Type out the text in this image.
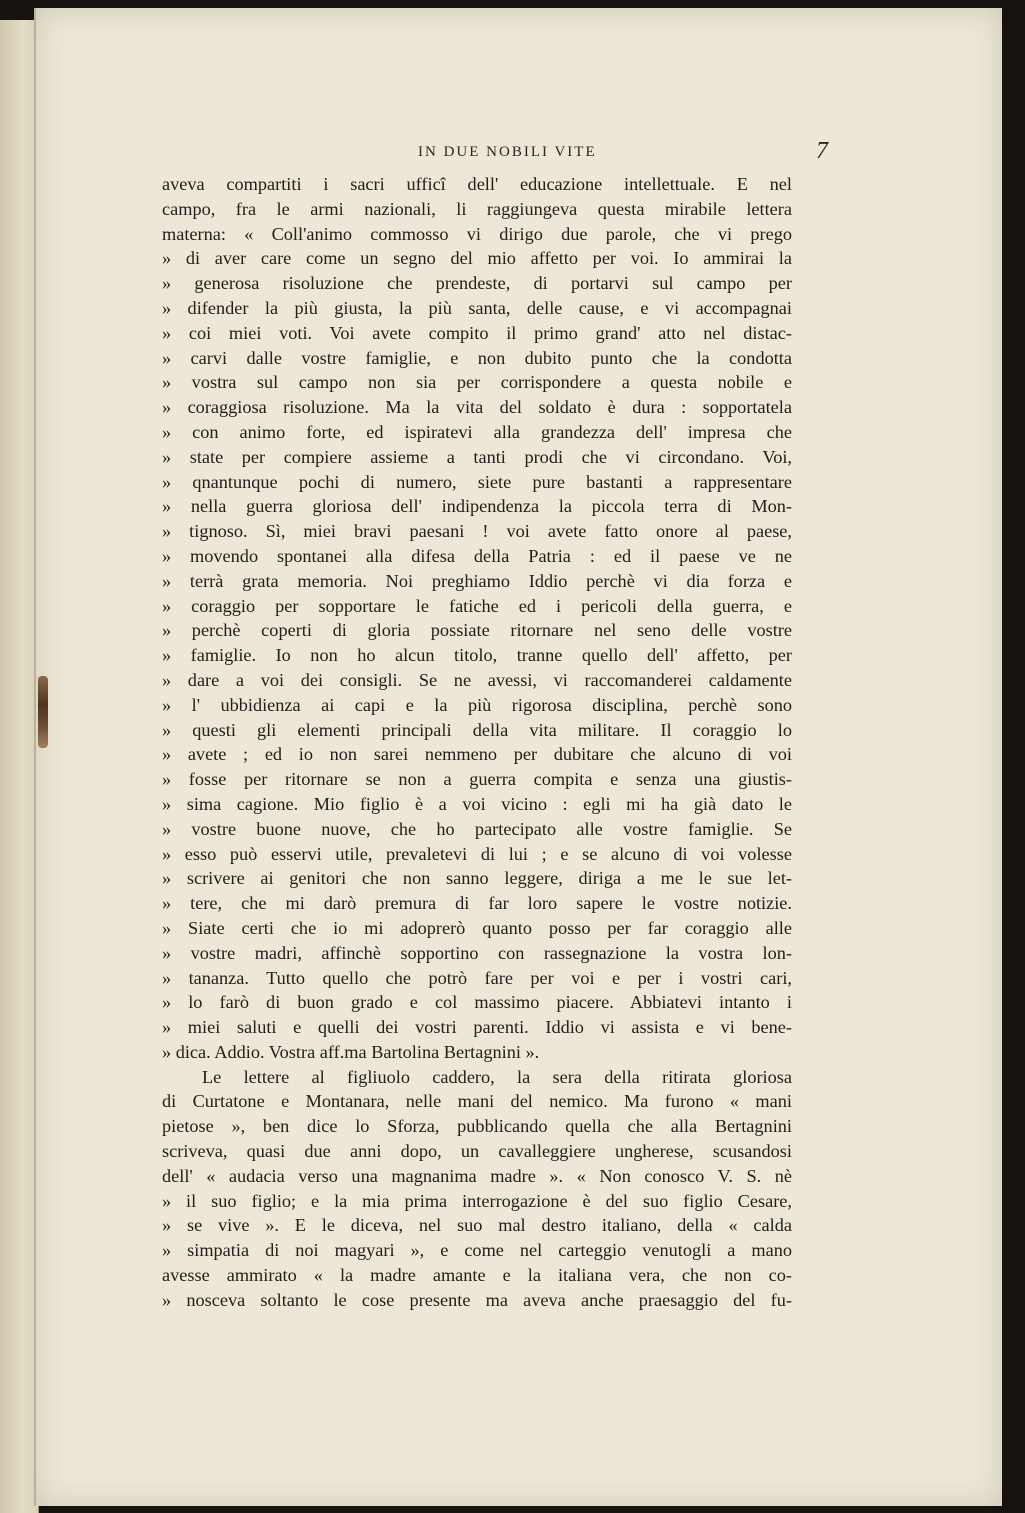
IN DUE NOBILI VITE	7
aveva compartiti i sacri ufficî dell' educazione intellettuale. E nel
campo, fra le armi nazionali, li raggiungeva questa mirabile lettera
materna: « Coll'animo commosso vi dirigo due parole, che vi prego
» di aver care come un segno del mio affetto per voi. Io ammirai la
» generosa risoluzione che prendeste, di portarvi sul campo per
» difender la più giusta, la più santa, delle cause, e vi accompagnai
» coi miei voti. Voi avete compito il primo grand' atto nel distac-
» carvi dalle vostre famiglie, e non dubito punto che la condotta
» vostra sul campo non sia per corrispondere a questa nobile e
» coraggiosa risoluzione. Ma la vita del soldato è dura : sopportatela
» con animo forte, ed ispiratevi alla grandezza dell' impresa che
» state per compiere assieme a tanti prodi che vi circondano. Voi,
» qnantunque pochi di numero, siete pure bastanti a rappresentare
» nella guerra gloriosa dell' indipendenza la piccola terra di Mon-
» tignoso. Sì, miei bravi paesani ! voi avete fatto onore al paese,
» movendo spontanei alla difesa della Patria : ed il paese ve ne
» terrà grata memoria. Noi preghiamo Iddio perchè vi dia forza e
» coraggio per sopportare le fatiche ed i pericoli della guerra, e
» perchè coperti di gloria possiate ritornare nel seno delle vostre
» famiglie. Io non ho alcun titolo, tranne quello dell' affetto, per
» dare a voi dei consigli. Se ne avessi, vi raccomanderei caldamente
» l' ubbidienza ai capi e la più rigorosa disciplina, perchè sono
» questi gli elementi principali della vita militare. Il coraggio lo
» avete ; ed io non sarei nemmeno per dubitare che alcuno di voi
» fosse per ritornare se non a guerra compita e senza una giustis-
» sima cagione. Mio figlio è a voi vicino : egli mi ha già dato le
» vostre buone nuove, che ho partecipato alle vostre famiglie. Se
» esso può esservi utile, prevaletevi di lui ; e se alcuno di voi volesse
» scrivere ai genitori che non sanno leggere, diriga a me le sue let-
» tere, che mi darò premura di far loro sapere le vostre notizie.
» Siate certi che io mi adoprerò quanto posso per far coraggio alle
» vostre madri, affinchè sopportino con rassegnazione la vostra lon-
» tananza. Tutto quello che potrò fare per voi e per i vostri cari,
» lo farò di buon grado e col massimo piacere. Abbiatevi intanto i
» miei saluti e quelli dei vostri parenti. Iddio vi assista e vi bene-
» dica. Addio. Vostra aff.ma Bartolina Bertagnini ».
Le lettere al figliuolo caddero, la sera della ritirata gloriosa
di Curtatone e Montanara, nelle mani del nemico. Ma furono « mani
pietose », ben dice lo Sforza, pubblicando quella che alla Bertagnini
scriveva, quasi due anni dopo, un cavalleggiere ungherese, scusandosi
dell' « audacia verso una magnanima madre ». « Non conosco V. S. nè
» il suo figlio; e la mia prima interrogazione è del suo figlio Cesare,
» se vive ». E le diceva, nel suo mal destro italiano, della « calda
» simpatia di noi magyari », e come nel carteggio venutogli a mano
avesse ammirato « la madre amante e la italiana vera, che non co-
» nosceva soltanto le cose presente ma aveva anche praesaggio del fu-
